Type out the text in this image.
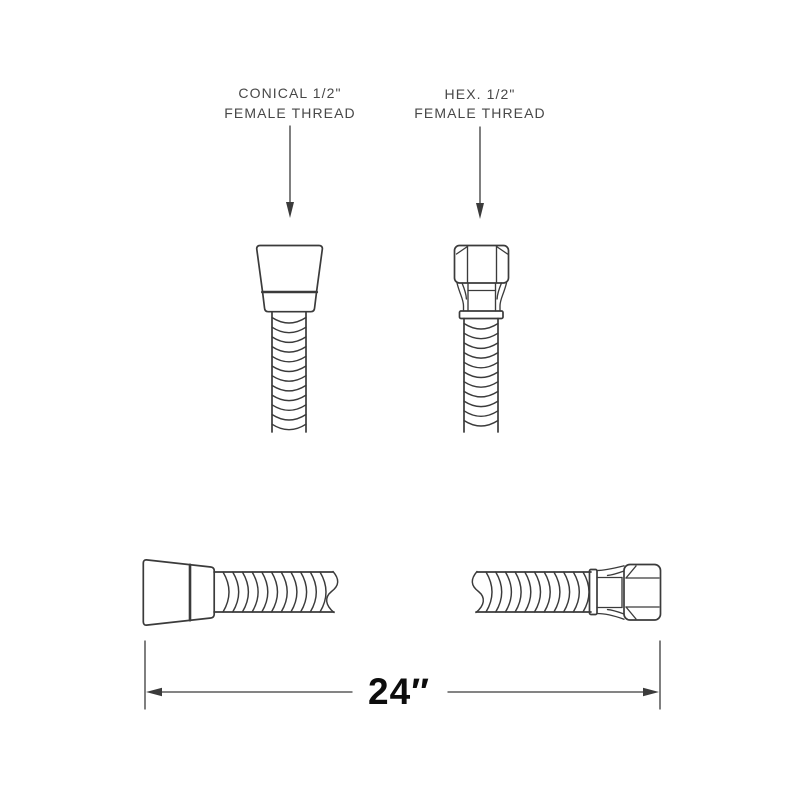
CONICAL 1/2"
FEMALE THREAD
HEX. 1/2"
FEMALE THREAD
24″
